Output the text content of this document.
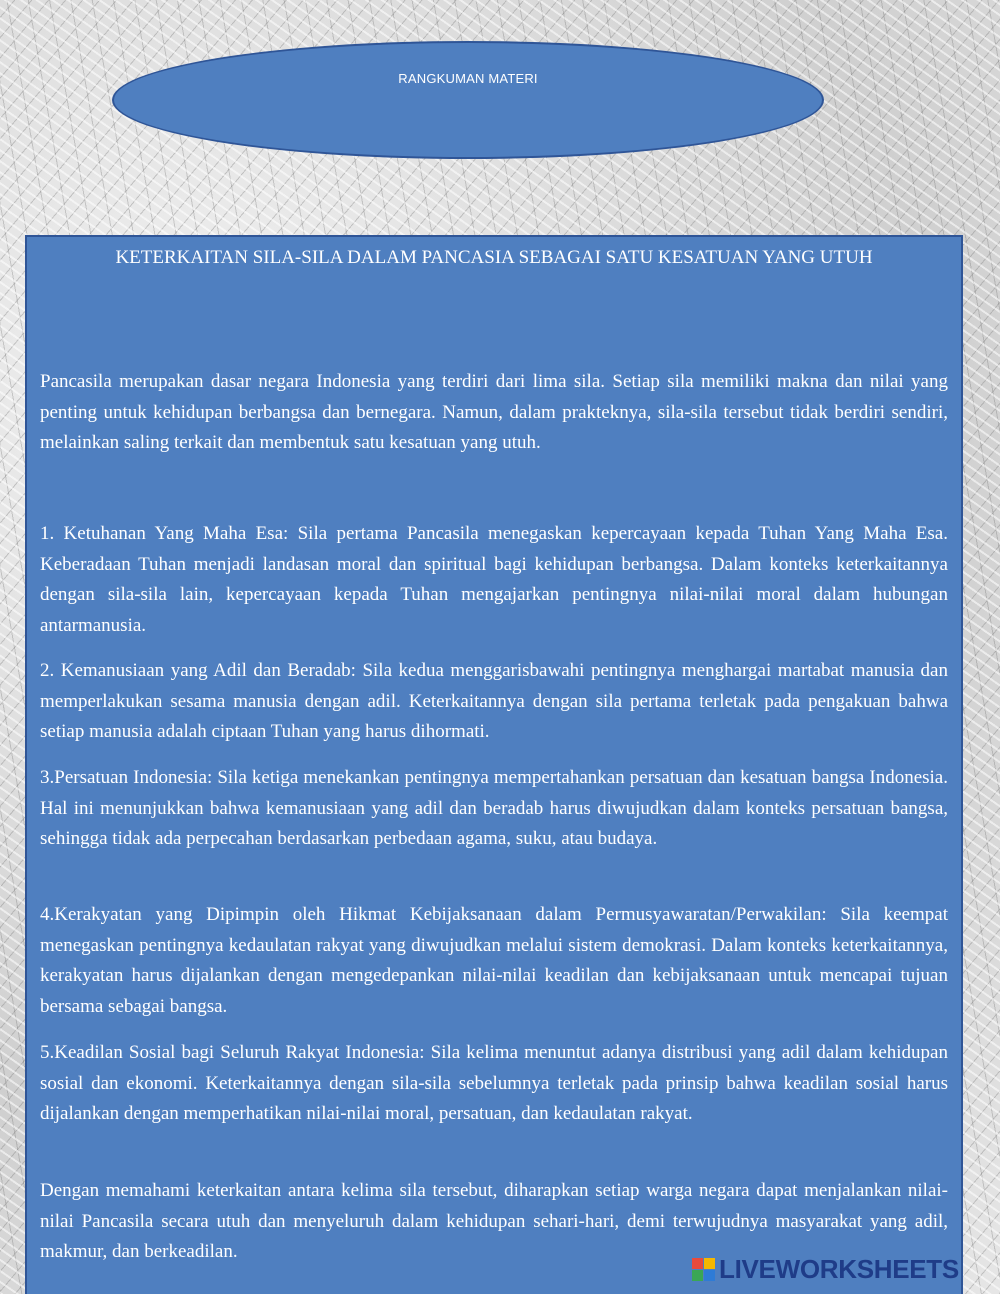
RANGKUMAN MATERI
KETERKAITAN SILA-SILA DALAM PANCASIA SEBAGAI SATU KESATUAN YANG UTUH

Pancasila merupakan dasar negara Indonesia yang terdiri dari lima sila. Setiap sila memiliki makna dan nilai yang penting untuk kehidupan berbangsa dan bernegara. Namun, dalam prakteknya, sila-sila tersebut tidak berdiri sendiri, melainkan saling terkait dan membentuk satu kesatuan yang utuh.

1. Ketuhanan Yang Maha Esa: Sila pertama Pancasila menegaskan kepercayaan kepada Tuhan Yang Maha Esa. Keberadaan Tuhan menjadi landasan moral dan spiritual bagi kehidupan berbangsa. Dalam konteks keterkaitannya dengan sila-sila lain, kepercayaan kepada Tuhan mengajarkan pentingnya nilai-nilai moral dalam hubungan antarmanusia.

2. Kemanusiaan yang Adil dan Beradab: Sila kedua menggarisbawahi pentingnya menghargai martabat manusia dan memperlakukan sesama manusia dengan adil. Keterkaitannya dengan sila pertama terletak pada pengakuan bahwa setiap manusia adalah ciptaan Tuhan yang harus dihormati.

3.Persatuan Indonesia: Sila ketiga menekankan pentingnya mempertahankan persatuan dan kesatuan bangsa Indonesia. Hal ini menunjukkan bahwa kemanusiaan yang adil dan beradab harus diwujudkan dalam konteks persatuan bangsa, sehingga tidak ada perpecahan berdasarkan perbedaan agama, suku, atau budaya.

4.Kerakyatan yang Dipimpin oleh Hikmat Kebijaksanaan dalam Permusyawaratan/Perwakilan: Sila keempat menegaskan pentingnya kedaulatan rakyat yang diwujudkan melalui sistem demokrasi. Dalam konteks keterkaitannya, kerakyatan harus dijalankan dengan mengedepankan nilai-nilai keadilan dan kebijaksanaan untuk mencapai tujuan bersama sebagai bangsa.

5.Keadilan Sosial bagi Seluruh Rakyat Indonesia: Sila kelima menuntut adanya distribusi yang adil dalam kehidupan sosial dan ekonomi. Keterkaitannya dengan sila-sila sebelumnya terletak pada prinsip bahwa keadilan sosial harus dijalankan dengan memperhatikan nilai-nilai moral, persatuan, dan kedaulatan rakyat.

Dengan memahami keterkaitan antara kelima sila tersebut, diharapkan setiap warga negara dapat menjalankan nilai-nilai Pancasila secara utuh dan menyeluruh dalam kehidupan sehari-hari, demi terwujudnya masyarakat yang adil, makmur, dan berkeadilan.

LIVEWORKSHEETS
